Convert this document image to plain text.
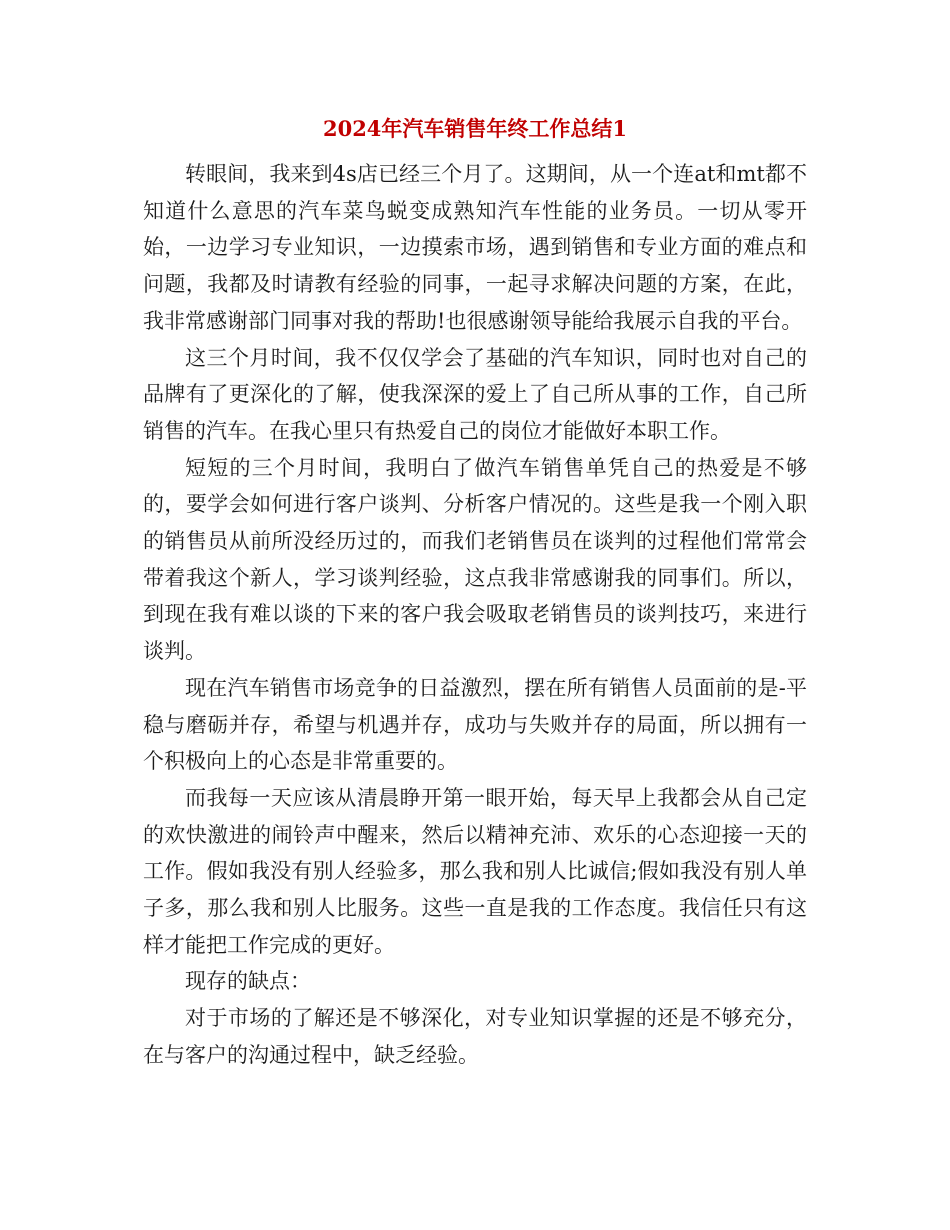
2024年汽车销售年终工作总结1

转眼间，我来到4s店已经三个月了。这期间，从一个连at和mt都不知道什么意思的汽车菜鸟蜕变成熟知汽车性能的业务员。一切从零开始，一边学习专业知识，一边摸索市场，遇到销售和专业方面的难点和问题，我都及时请教有经验的同事，一起寻求解决问题的方案，在此，我非常感谢部门同事对我的帮助!也很感谢领导能给我展示自我的平台。

这三个月时间，我不仅仅学会了基础的汽车知识，同时也对自己的品牌有了更深化的了解，使我深深的爱上了自己所从事的工作，自己所销售的汽车。在我心里只有热爱自己的岗位才能做好本职工作。

短短的三个月时间，我明白了做汽车销售单凭自己的热爱是不够的，要学会如何进行客户谈判、分析客户情况的。这些是我一个刚入职的销售员从前所没经历过的，而我们老销售员在谈判的过程他们常常会带着我这个新人，学习谈判经验，这点我非常感谢我的同事们。所以，到现在我有难以谈的下来的客户我会吸取老销售员的谈判技巧，来进行谈判。

现在汽车销售市场竞争的日益激烈，摆在所有销售人员面前的是-平稳与磨砺并存，希望与机遇并存，成功与失败并存的局面，所以拥有一个积极向上的心态是非常重要的。

而我每一天应该从清晨睁开第一眼开始，每天早上我都会从自己定的欢快激进的闹铃声中醒来，然后以精神充沛、欢乐的心态迎接一天的工作。假如我没有别人经验多，那么我和别人比诚信;假如我没有别人单子多，那么我和别人比服务。这些一直是我的工作态度。我信任只有这样才能把工作完成的更好。

现存的缺点：

对于市场的了解还是不够深化，对专业知识掌握的还是不够充分，在与客户的沟通过程中，缺乏经验。
